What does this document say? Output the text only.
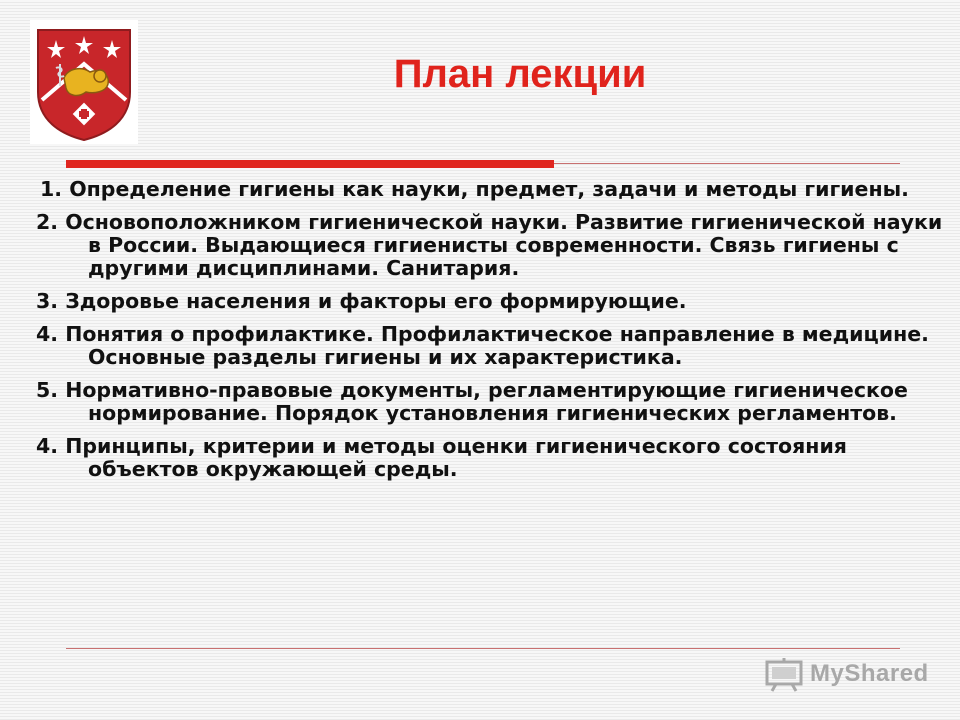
План лекции
1. Определение гигиены как науки, предмет, задачи и методы гигиены.
2. Основоположником гигиенической науки. Развитие гигиенической науки в России. Выдающиеся гигиенисты современности. Связь гигиены с другими дисциплинами. Санитария.
3. Здоровье населения и факторы его формирующие.
4. Понятия о профилактике. Профилактическое направление в медицине. Основные разделы гигиены и их характеристика.
5. Нормативно-правовые документы, регламентирующие гигиеническое нормирование. Порядок установления гигиенических регламентов.
4. Принципы, критерии и методы оценки гигиенического состояния объектов окружающей среды.
MyShared
